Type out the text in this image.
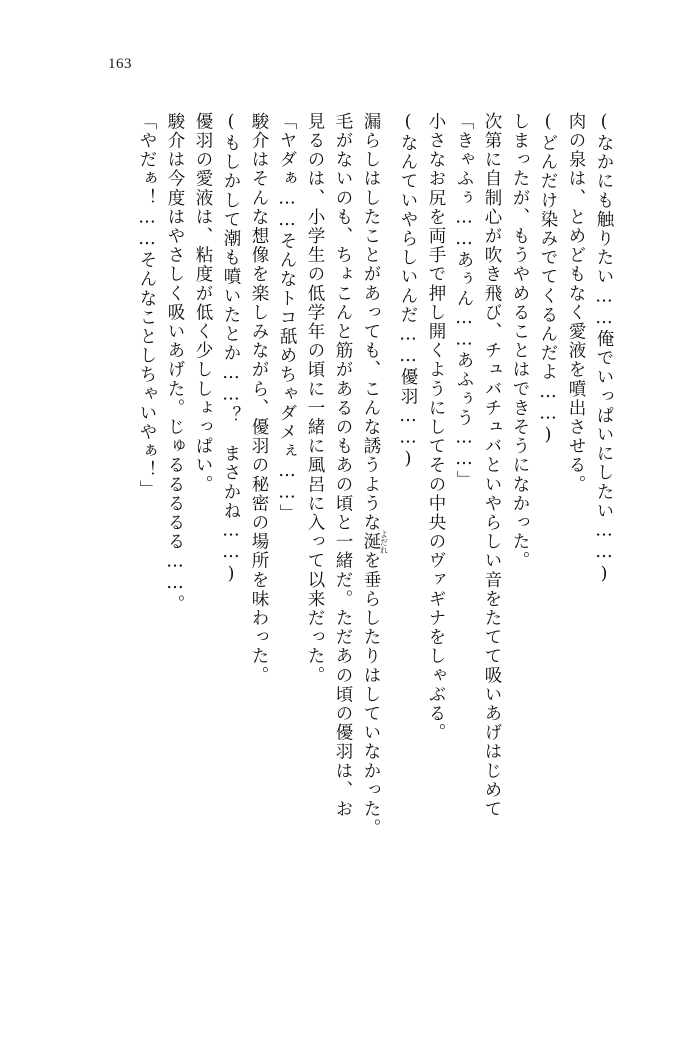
163
「やだぁ！……そんなことしちゃいやぁ！」 駿介は今度はやさしく吸いあげた。じゅるるるるる……。 優羽の愛液は、粘度が低く少ししょっぱい。 (もしかして潮も噴いたとか……？　まさかね……) 駿介はそんな想像を楽しみながら、優羽の秘密の場所を味わった。 「ヤダぁ……そんなトコ舐めちゃダメぇ……」 見るのは、小学生の低学年の頃に一緒に風呂に入って以来だった。 毛がないのも、ちょこんと筋があるのもあの頃と一緒だ。ただあの頃の優羽は、お 漏らしはしたことがあっても、こんな誘うような涎よだれを垂らしたりはしていなかった。
(なんていやらしいんだ……優羽……) 小さなお尻を両手で押し開くようにしてその中央のヴァギナをしゃぶる。 「きゃふぅ……あぅん……あふぅう……」 次第に自制心が吹き飛び、チュバチュバといやらしい音をたてて吸いあげはじめて しまったが、もうやめることはできそうになかった。 (どんだけ染みでてくるんだよ……) 肉の泉は、とめどもなく愛液を噴出させる。 (なかにも触りたい……俺でいっぱいにしたい……)
